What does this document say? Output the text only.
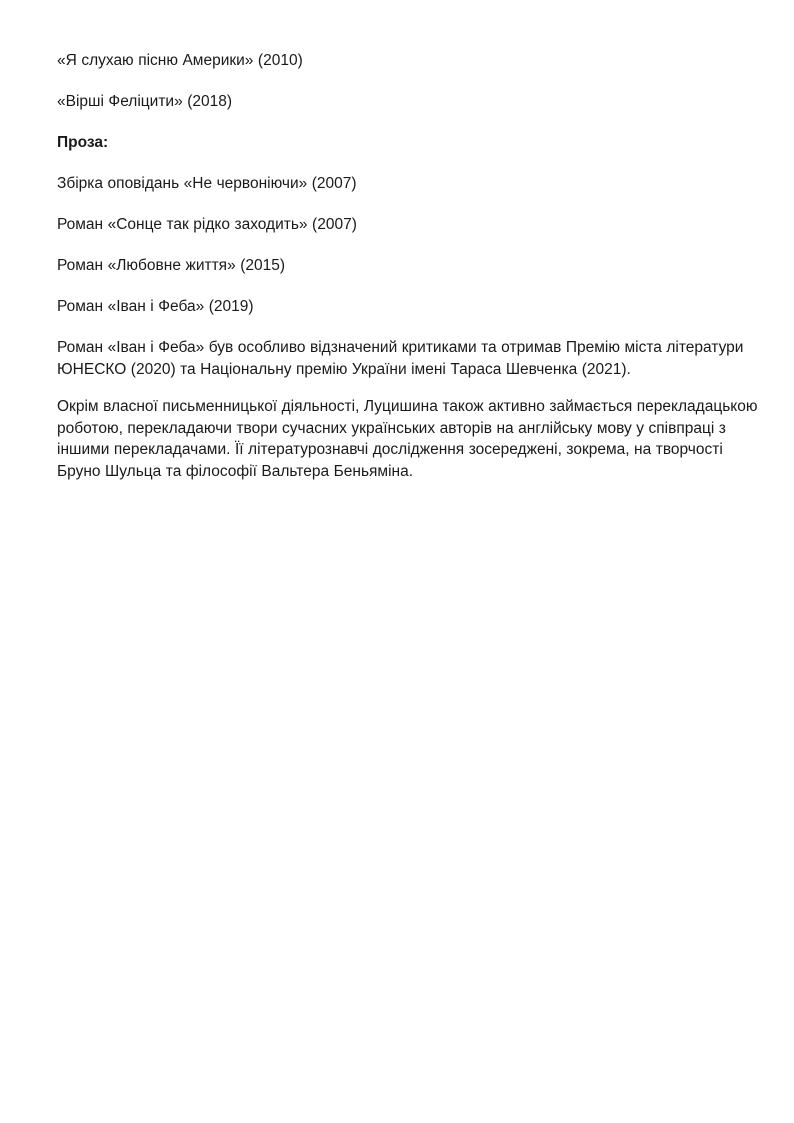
«Я слухаю пісню Америки» (2010)

«Вірші Феліцити» (2018)

Проза:

Збірка оповідань «Не червоніючи» (2007)

Роман «Сонце так рідко заходить» (2007)

Роман «Любовне життя» (2015)

Роман «Іван і Феба» (2019)

Роман «Іван і Феба» був особливо відзначений критиками та отримав Премію міста літератури ЮНЕСКО (2020) та Національну премію України імені Тараса Шевченка (2021).

Окрім власної письменницької діяльності, Луцишина також активно займається перекладацькою роботою, перекладаючи твори сучасних українських авторів на англійську мову у співпраці з іншими перекладачами. Її літературознавчі дослідження зосереджені, зокрема, на творчості Бруно Шульца та філософії Вальтера Беньяміна.
